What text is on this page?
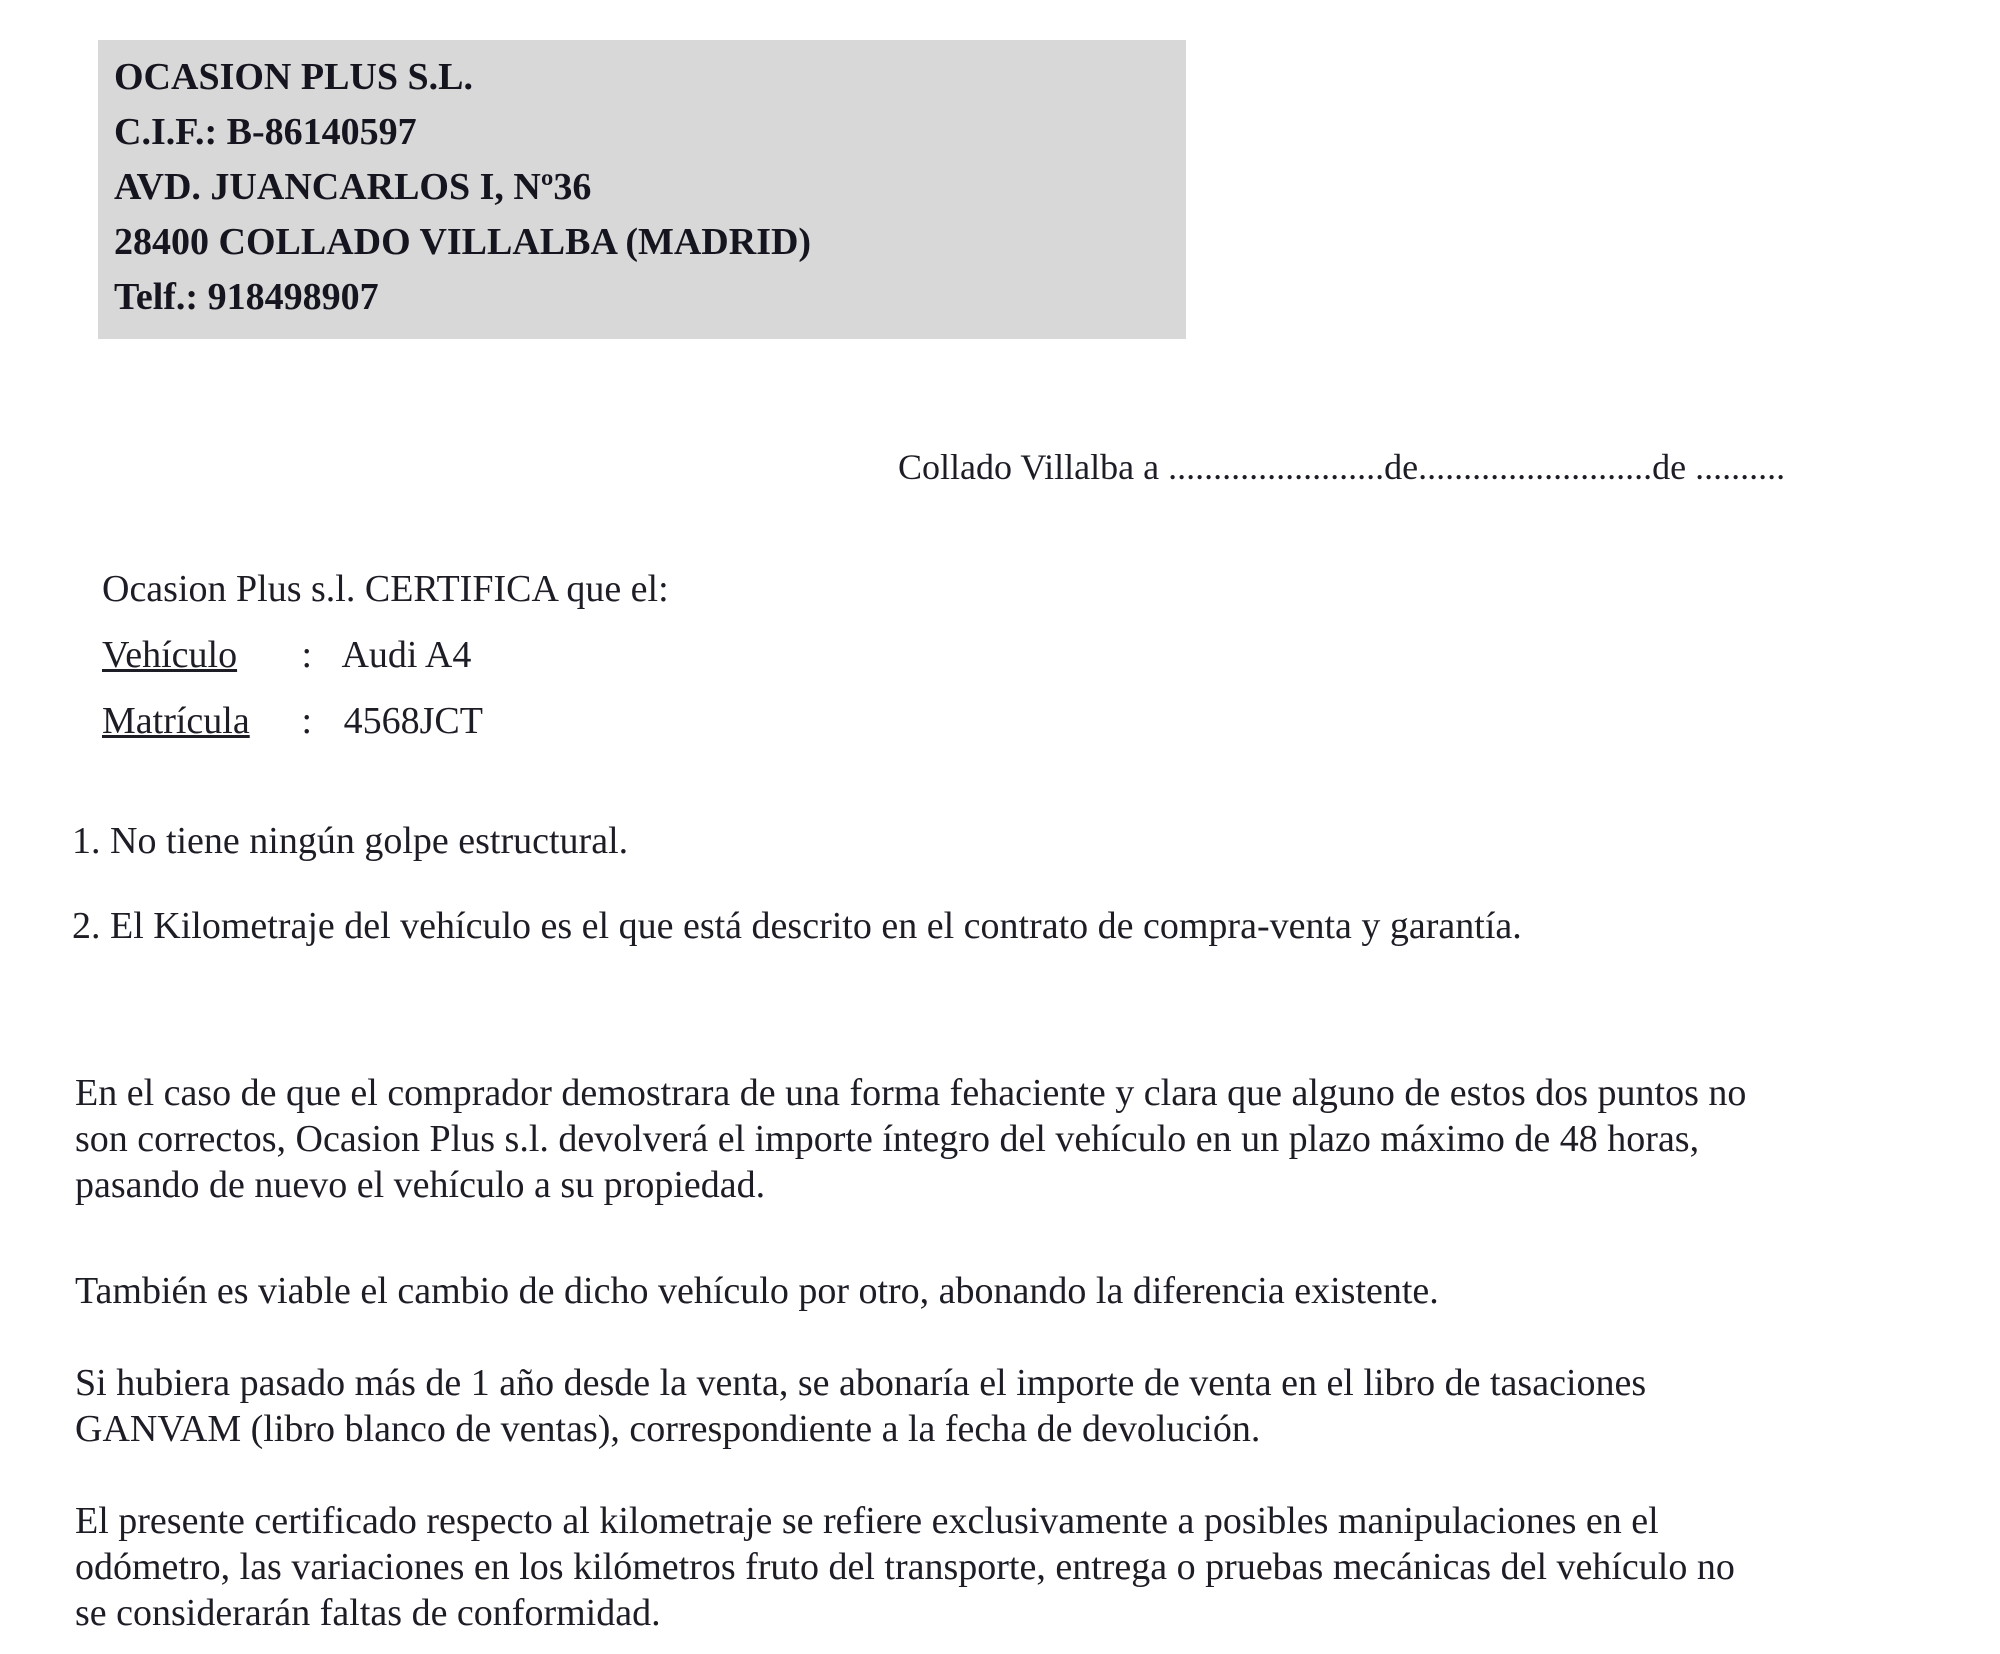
OCASION PLUS S.L.
C.I.F.: B-86140597
AVD. JUANCARLOS I, Nº36
28400 COLLADO VILLALBA (MADRID)
Telf.: 918498907
Collado Villalba a ........................de..........................de ..........
Ocasion Plus s.l. CERTIFICA que el:
Vehículo : Audi A4
Matrícula : 4568JCT
1. No tiene ningún golpe estructural.
2. El Kilometraje del vehículo es el que está descrito en el contrato de compra-venta y garantía.
En el caso de que el comprador demostrara de una forma fehaciente y clara que alguno de estos dos puntos no son correctos, Ocasion Plus s.l. devolverá el importe íntegro del vehículo en un plazo máximo de 48 horas, pasando de nuevo el vehículo a su propiedad.
También es viable el cambio de dicho vehículo por otro, abonando la diferencia existente.
Si hubiera pasado más de 1 año desde la venta, se abonaría el importe de venta en el libro de tasaciones GANVAM (libro blanco de ventas), correspondiente a la fecha de devolución.
El presente certificado respecto al kilometraje se refiere exclusivamente a posibles manipulaciones en el odómetro, las variaciones en los kilómetros fruto del transporte, entrega o pruebas mecánicas del vehículo no se considerarán faltas de conformidad.
